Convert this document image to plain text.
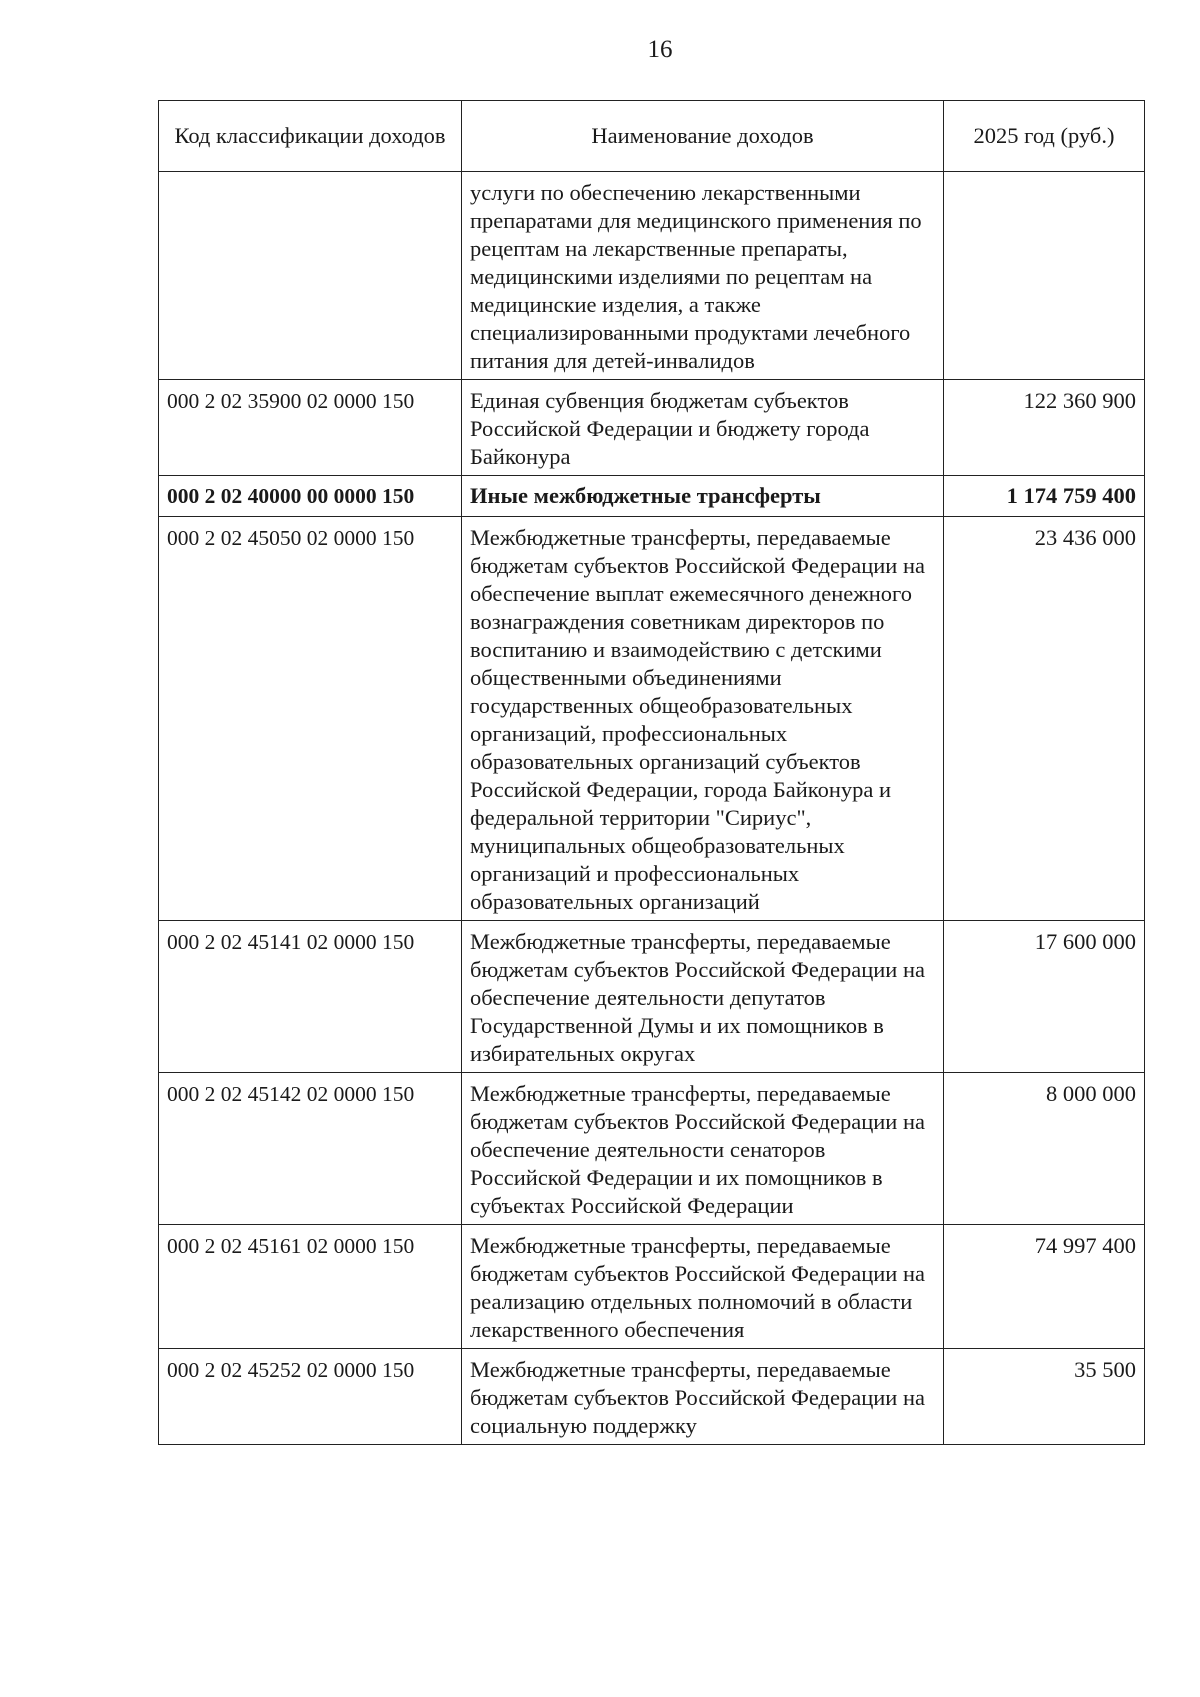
16
Код классификации доходов	Наименование доходов	2025 год (руб.)
	услуги по обеспечению лекарственными препаратами для медицинского применения по рецептам на лекарственные препараты, медицинскими изделиями по рецептам на медицинские изделия, а также специализированными продуктами лечебного питания для детей-инвалидов	
000 2 02 35900 02 0000 150	Единая субвенция бюджетам субъектов Российской Федерации и бюджету города Байконура	122 360 900
000 2 02 40000 00 0000 150	Иные межбюджетные трансферты	1 174 759 400
000 2 02 45050 02 0000 150	Межбюджетные трансферты, передаваемые бюджетам субъектов Российской Федерации на обеспечение выплат ежемесячного денежного вознаграждения советникам директоров по воспитанию и взаимодействию с детскими общественными объединениями государственных общеобразовательных организаций, профессиональных образовательных организаций субъектов Российской Федерации, города Байконура и федеральной территории "Сириус", муниципальных общеобразовательных организаций и профессиональных образовательных организаций	23 436 000
000 2 02 45141 02 0000 150	Межбюджетные трансферты, передаваемые бюджетам субъектов Российской Федерации на обеспечение деятельности депутатов Государственной Думы и их помощников в избирательных округах	17 600 000
000 2 02 45142 02 0000 150	Межбюджетные трансферты, передаваемые бюджетам субъектов Российской Федерации на обеспечение деятельности сенаторов Российской Федерации и их помощников в субъектах Российской Федерации	8 000 000
000 2 02 45161 02 0000 150	Межбюджетные трансферты, передаваемые бюджетам субъектов Российской Федерации на реализацию отдельных полномочий в области лекарственного обеспечения	74 997 400
000 2 02 45252 02 0000 150	Межбюджетные трансферты, передаваемые бюджетам субъектов Российской Федерации на социальную поддержку	35 500
